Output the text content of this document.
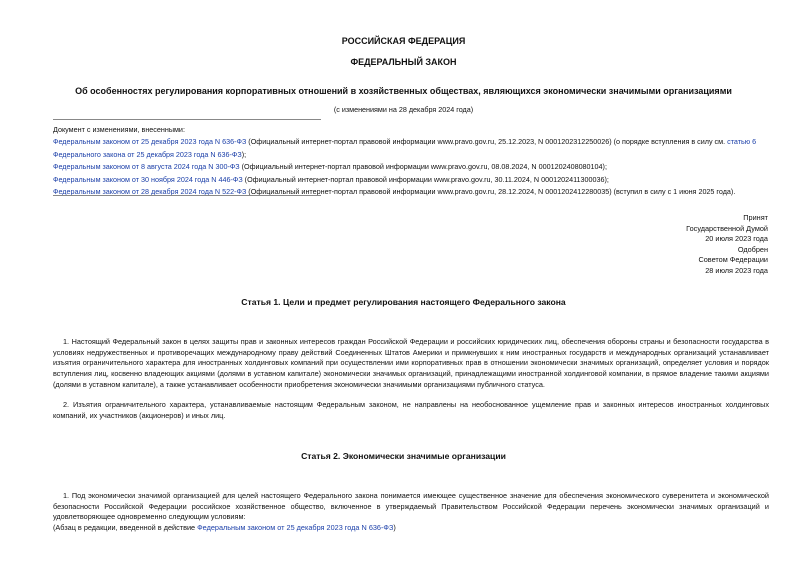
РОССИЙСКАЯ ФЕДЕРАЦИЯ
ФЕДЕРАЛЬНЫЙ ЗАКОН
Об особенностях регулирования корпоративных отношений в хозяйственных обществах, являющихся экономически значимыми организациями
(с изменениями на 28 декабря 2024 года)
Документ с изменениями, внесенными:
Федеральным законом от 25 декабря 2023 года N 636-ФЗ (Официальный интернет-портал правовой информации www.pravo.gov.ru, 25.12.2023, N 0001202312250026) (о порядке вступления в силу см. статью 6 Федерального закона от 25 декабря 2023 года N 636-ФЗ);
Федеральным законом от 8 августа 2024 года N 300-ФЗ (Официальный интернет-портал правовой информации www.pravo.gov.ru, 08.08.2024, N 0001202408080104);
Федеральным законом от 30 ноября 2024 года N 446-ФЗ (Официальный интернет-портал правовой информации www.pravo.gov.ru, 30.11.2024, N 0001202411300036);
Федеральным законом от 28 декабря 2024 года N 522-ФЗ (Официальный интернет-портал правовой информации www.pravo.gov.ru, 28.12.2024, N 0001202412280035) (вступил в силу с 1 июня 2025 года).
Принят
Государственной Думой
20 июля 2023 года
Одобрен
Советом Федерации
28 июля 2023 года
Статья 1. Цели и предмет регулирования настоящего Федерального закона
1. Настоящий Федеральный закон в целях защиты прав и законных интересов граждан Российской Федерации и российских юридических лиц, обеспечения обороны страны и безопасности государства в условиях недружественных и противоречащих международному праву действий Соединенных Штатов Америки и примкнувших к ним иностранных государств и международных организаций устанавливает изъятия ограничительного характера для иностранных холдинговых компаний при осуществлении ими корпоративных прав в отношении экономически значимых организаций, определяет условия и порядок вступления лиц, косвенно владеющих акциями (долями в уставном капитале) экономически значимых организаций, принадлежащими иностранной холдинговой компании, в прямое владение такими акциями (долями в уставном капитале), а также устанавливает особенности приобретения экономически значимыми организациями публичного статуса.
2. Изъятия ограничительного характера, устанавливаемые настоящим Федеральным законом, не направлены на необоснованное ущемление прав и законных интересов иностранных холдинговых компаний, их участников (акционеров) и иных лиц.
Статья 2. Экономически значимые организации
1. Под экономически значимой организацией для целей настоящего Федерального закона понимается имеющее существенное значение для обеспечения экономического суверенитета и экономической безопасности Российской Федерации российское хозяйственное общество, включенное в утверждаемый Правительством Российской Федерации перечень экономически значимых организаций и удовлетворяющее одновременно следующим условиям:
(Абзац в редакции, введенной в действие Федеральным законом от 25 декабря 2023 года N 636-ФЗ)
